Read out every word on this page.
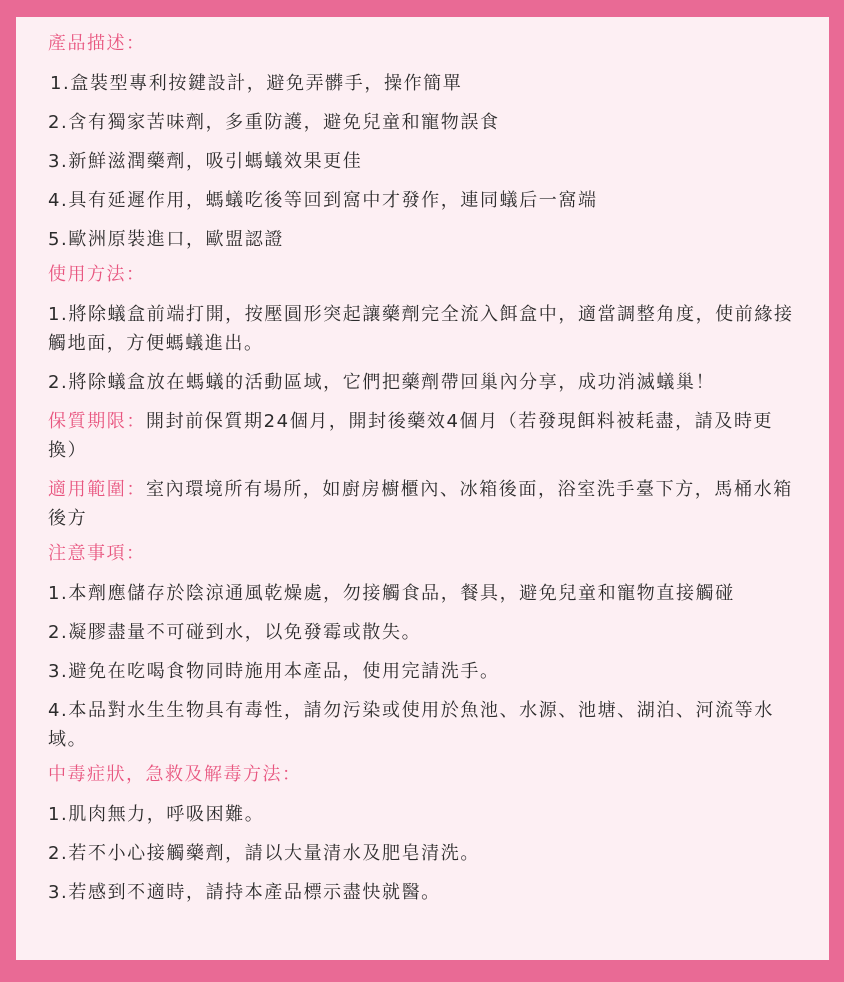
產品描述：

1.盒裝型專利按鍵設計，避免弄髒手，操作簡單

2.含有獨家苦味劑，多重防護，避免兒童和寵物誤食

3.新鮮滋潤藥劑，吸引螞蟻效果更佳

4.具有延遲作用，螞蟻吃後等回到窩中才發作，連同蟻后一窩端

5.歐洲原裝進口，歐盟認證

使用方法：

1.將除蟻盒前端打開，按壓圓形突起讓藥劑完全流入餌盒中，適當調整角度，使前緣接觸地面，方便螞蟻進出。

2.將除蟻盒放在螞蟻的活動區域，它們把藥劑帶回巢內分享，成功消滅蟻巢！

保質期限：開封前保質期24個月，開封後藥效4個月（若發現餌料被耗盡，請及時更換）

適用範圍：室內環境所有場所，如廚房櫥櫃內、冰箱後面，浴室洗手臺下方，馬桶水箱後方

注意事項：

1.本劑應儲存於陰涼通風乾燥處，勿接觸食品，餐具，避免兒童和寵物直接觸碰

2.凝膠盡量不可碰到水，以免發霉或散失。

3.避免在吃喝食物同時施用本產品，使用完請洗手。

4.本品對水生生物具有毒性，請勿污染或使用於魚池、水源、池塘、湖泊、河流等水域。

中毒症狀，急救及解毒方法：

1.肌肉無力，呼吸困難。

2.若不小心接觸藥劑，請以大量清水及肥皂清洗。

3.若感到不適時，請持本產品標示盡快就醫。
